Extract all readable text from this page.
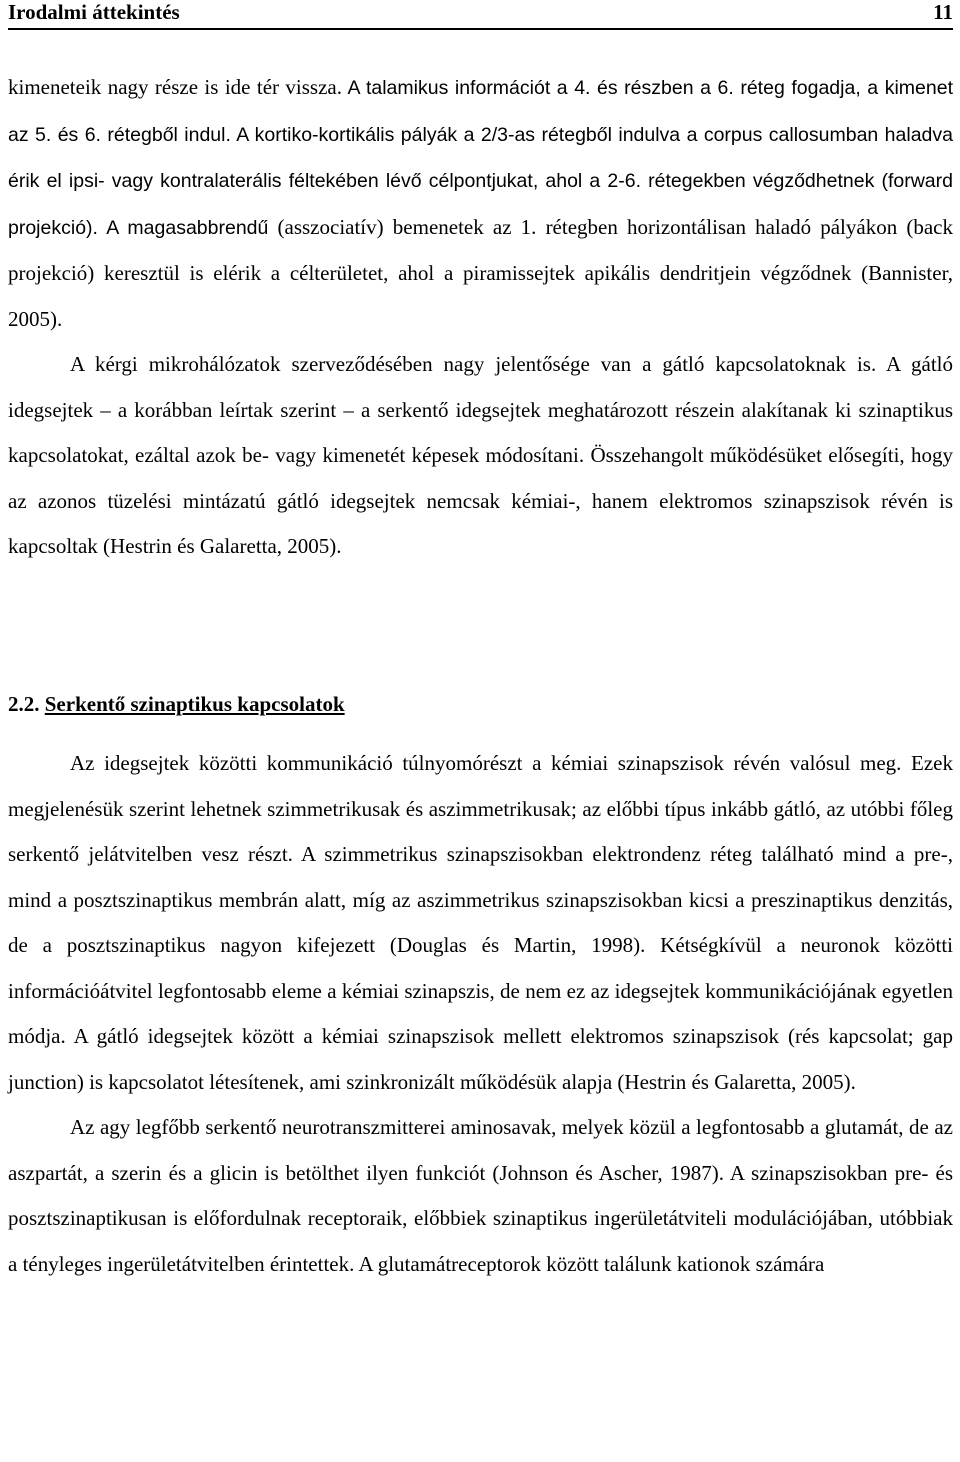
Irodalmi áttekintés	11

kimeneteik nagy része is ide tér vissza. A talamikus információt a 4. és részben a 6. réteg fogadja, a kimenet az 5. és 6. rétegből indul. A kortiko-kortikális pályák a 2/3-as rétegből indulva a corpus callosumban haladva érik el ipsi- vagy kontralaterális féltekében lévő célpontjukat, ahol a 2-6. rétegekben végződhetnek (forward projekció). A magasabbrendű (asszociatív) bemenetek az 1. rétegben horizontálisan haladó pályákon (back projekció) keresztül is elérik a célterületet, ahol a piramissejtek apikális dendritjein végződnek (Bannister, 2005).

A kérgi mikrohálózatok szerveződésében nagy jelentősége van a gátló kapcsolatoknak is. A gátló idegsejtek – a korábban leírtak szerint – a serkentő idegsejtek meghatározott részein alakítanak ki szinaptikus kapcsolatokat, ezáltal azok be- vagy kimenetét képesek módosítani. Összehangolt működésüket elősegíti, hogy az azonos tüzelési mintázatú gátló idegsejtek nemcsak kémiai-, hanem elektromos szinapszisok révén is kapcsoltak (Hestrin és Galaretta, 2005).

2.2. Serkentő szinaptikus kapcsolatok

Az idegsejtek közötti kommunikáció túlnyomórészt a kémiai szinapszisok révén valósul meg. Ezek megjelenésük szerint lehetnek szimmetrikusak és aszimmetrikusak; az előbbi típus inkább gátló, az utóbbi főleg serkentő jelátvitelben vesz részt. A szimmetrikus szinapszisokban elektrondenz réteg található mind a pre-, mind a posztszinaptikus membrán alatt, míg az aszimmetrikus szinapszisokban kicsi a preszinaptikus denzitás, de a posztszinaptikus nagyon kifejezett (Douglas és Martin, 1998). Kétségkívül a neuronok közötti információátvitel legfontosabb eleme a kémiai szinapszis, de nem ez az idegsejtek kommunikációjának egyetlen módja. A gátló idegsejtek között a kémiai szinapszisok mellett elektromos szinapszisok (rés kapcsolat; gap junction) is kapcsolatot létesítenek, ami szinkronizált működésük alapja (Hestrin és Galaretta, 2005).

Az agy legfőbb serkentő neurotranszmitterei aminosavak, melyek közül a legfontosabb a glutamát, de az aszpartát, a szerin és a glicin is betölthet ilyen funkciót (Johnson és Ascher, 1987). A szinapszisokban pre- és posztszinaptikusan is előfordulnak receptoraik, előbbiek szinaptikus ingerületátviteli modulációjában, utóbbiak a tényleges ingerületátvitelben érintettek. A glutamátreceptorok között találunk kationok számára
